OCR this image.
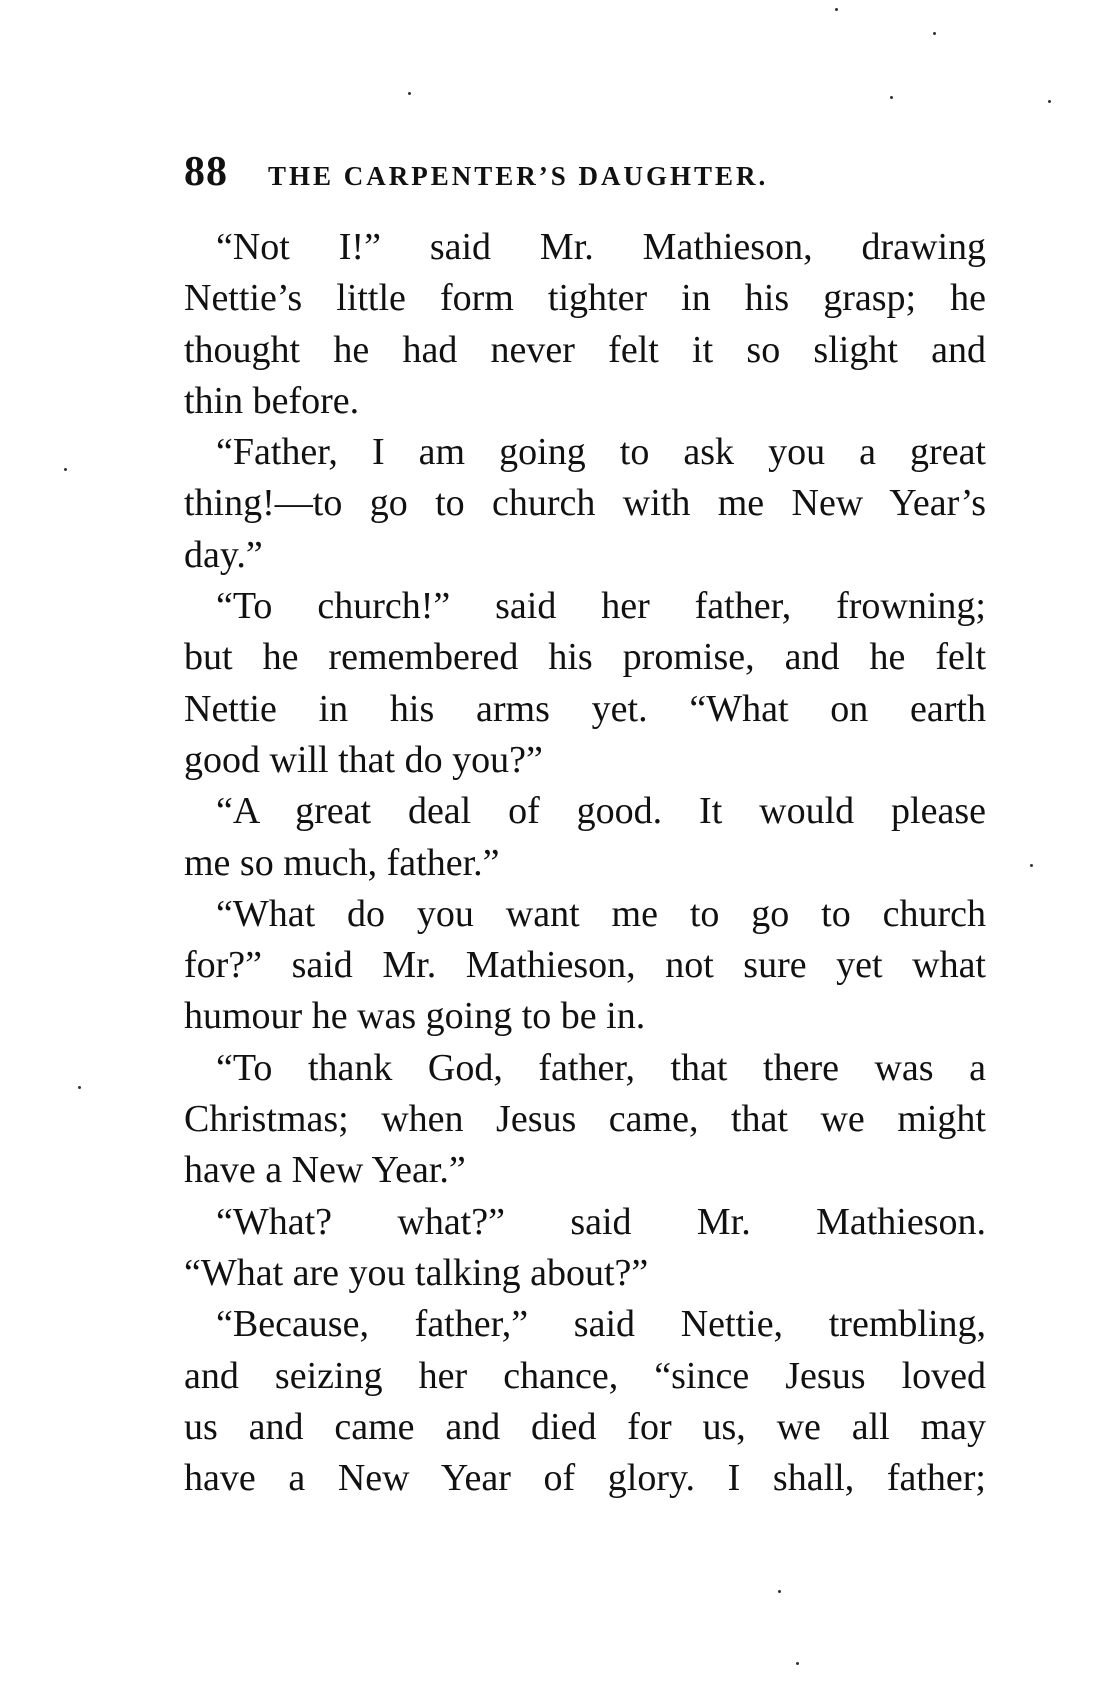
88 THE CARPENTER’S DAUGHTER.
“Not I!” said Mr. Mathieson, drawing
Nettie’s little form tighter in his grasp; he
thought he had never felt it so slight and
thin before.
“Father, I am going to ask you a great
thing!—to go to church with me New Year’s
day.”
“To church!” said her father, frowning;
but he remembered his promise, and he felt
Nettie in his arms yet. “What on earth
good will that do you?”
“A great deal of good. It would please
me so much, father.”
“What do you want me to go to church
for?” said Mr. Mathieson, not sure yet what
humour he was going to be in.
“To thank God, father, that there was a
Christmas; when Jesus came, that we might
have a New Year.”
“What? what?” said Mr. Mathieson.
“What are you talking about?”
“Because, father,” said Nettie, trembling,
and seizing her chance, “since Jesus loved
us and came and died for us, we all may
have a New Year of glory. I shall, father;
